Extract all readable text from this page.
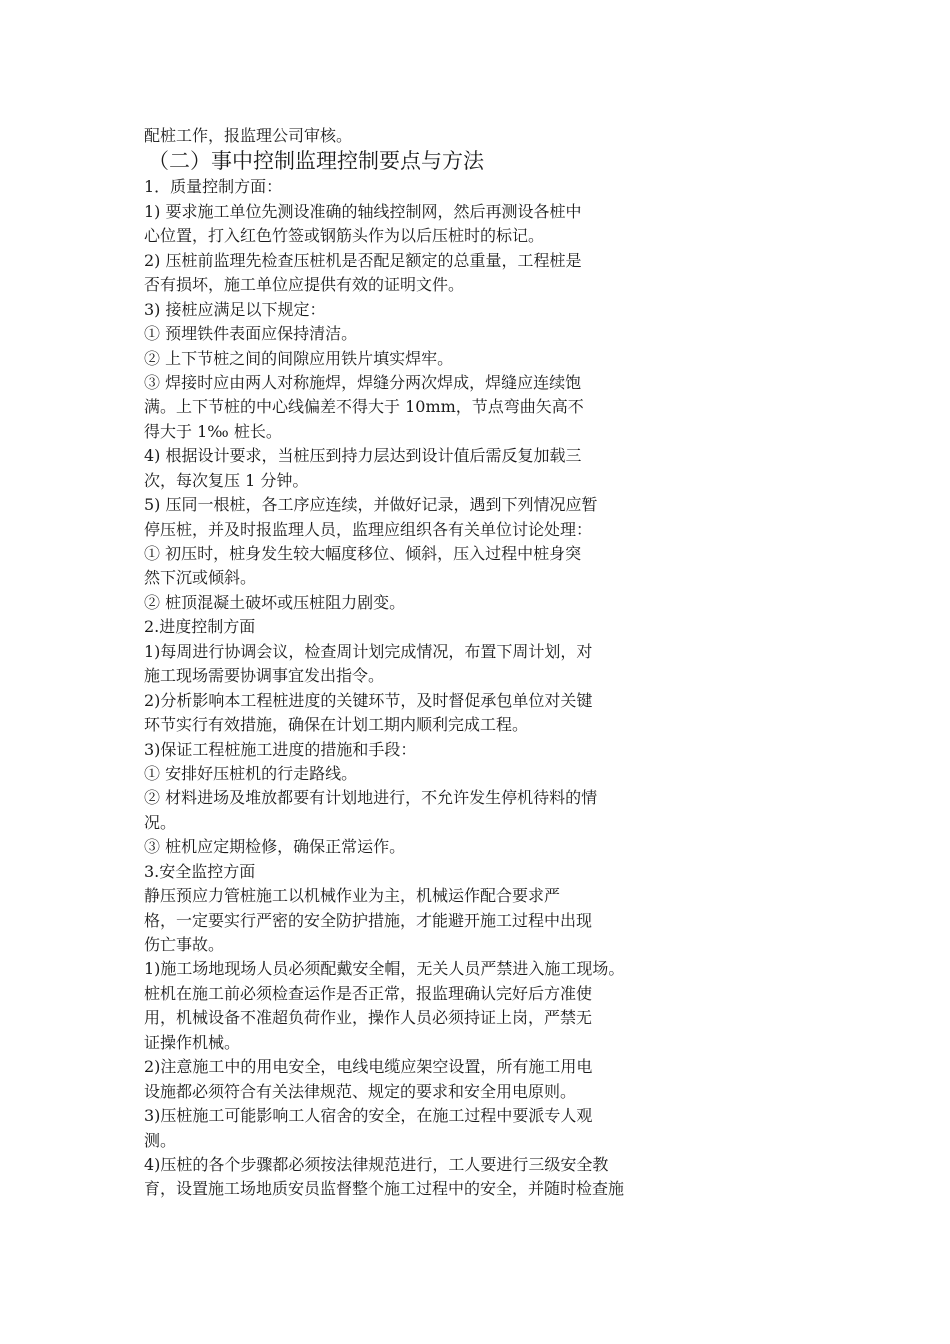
配桩工作，报监理公司审核。
（二）事中控制监理控制要点与方法
1．质量控制方面：
1) 要求施工单位先测设准确的轴线控制网，然后再测设各桩中
心位置，打入红色竹签或钢筋头作为以后压桩时的标记。
2) 压桩前监理先检查压桩机是否配足额定的总重量，工程桩是
否有损坏，施工单位应提供有效的证明文件。
3) 接桩应满足以下规定：
① 预埋铁件表面应保持清洁。
② 上下节桩之间的间隙应用铁片填实焊牢。
③ 焊接时应由两人对称施焊，焊缝分两次焊成，焊缝应连续饱
满。上下节桩的中心线偏差不得大于 10mm，节点弯曲矢高不
得大于 1‰ 桩长。
4) 根据设计要求，当桩压到持力层达到设计值后需反复加载三
次，每次复压 1 分钟。
5) 压同一根桩，各工序应连续，并做好记录，遇到下列情况应暂
停压桩，并及时报监理人员，监理应组织各有关单位讨论处理：
① 初压时，桩身发生较大幅度移位、倾斜，压入过程中桩身突
然下沉或倾斜。
② 桩顶混凝土破坏或压桩阻力剧变。
2.进度控制方面
1)每周进行协调会议，检查周计划完成情况，布置下周计划，对
施工现场需要协调事宜发出指令。
2)分析影响本工程桩进度的关键环节，及时督促承包单位对关键
环节实行有效措施，确保在计划工期内顺利完成工程。
3)保证工程桩施工进度的措施和手段：
① 安排好压桩机的行走路线。
② 材料进场及堆放都要有计划地进行，不允许发生停机待料的情
况。
③ 桩机应定期检修，确保正常运作。
3.安全监控方面
静压预应力管桩施工以机械作业为主，机械运作配合要求严
格，一定要实行严密的安全防护措施，才能避开施工过程中出现
伤亡事故。
1)施工场地现场人员必须配戴安全帽，无关人员严禁进入施工现场。
桩机在施工前必须检查运作是否正常，报监理确认完好后方准使
用，机械设备不准超负荷作业，操作人员必须持证上岗，严禁无
证操作机械。
2)注意施工中的用电安全，电线电缆应架空设置，所有施工用电
设施都必须符合有关法律规范、规定的要求和安全用电原则。
3)压桩施工可能影响工人宿舍的安全，在施工过程中要派专人观
测。
4)压桩的各个步骤都必须按法律规范进行，工人要进行三级安全教
育，设置施工场地质安员监督整个施工过程中的安全，并随时检查施
